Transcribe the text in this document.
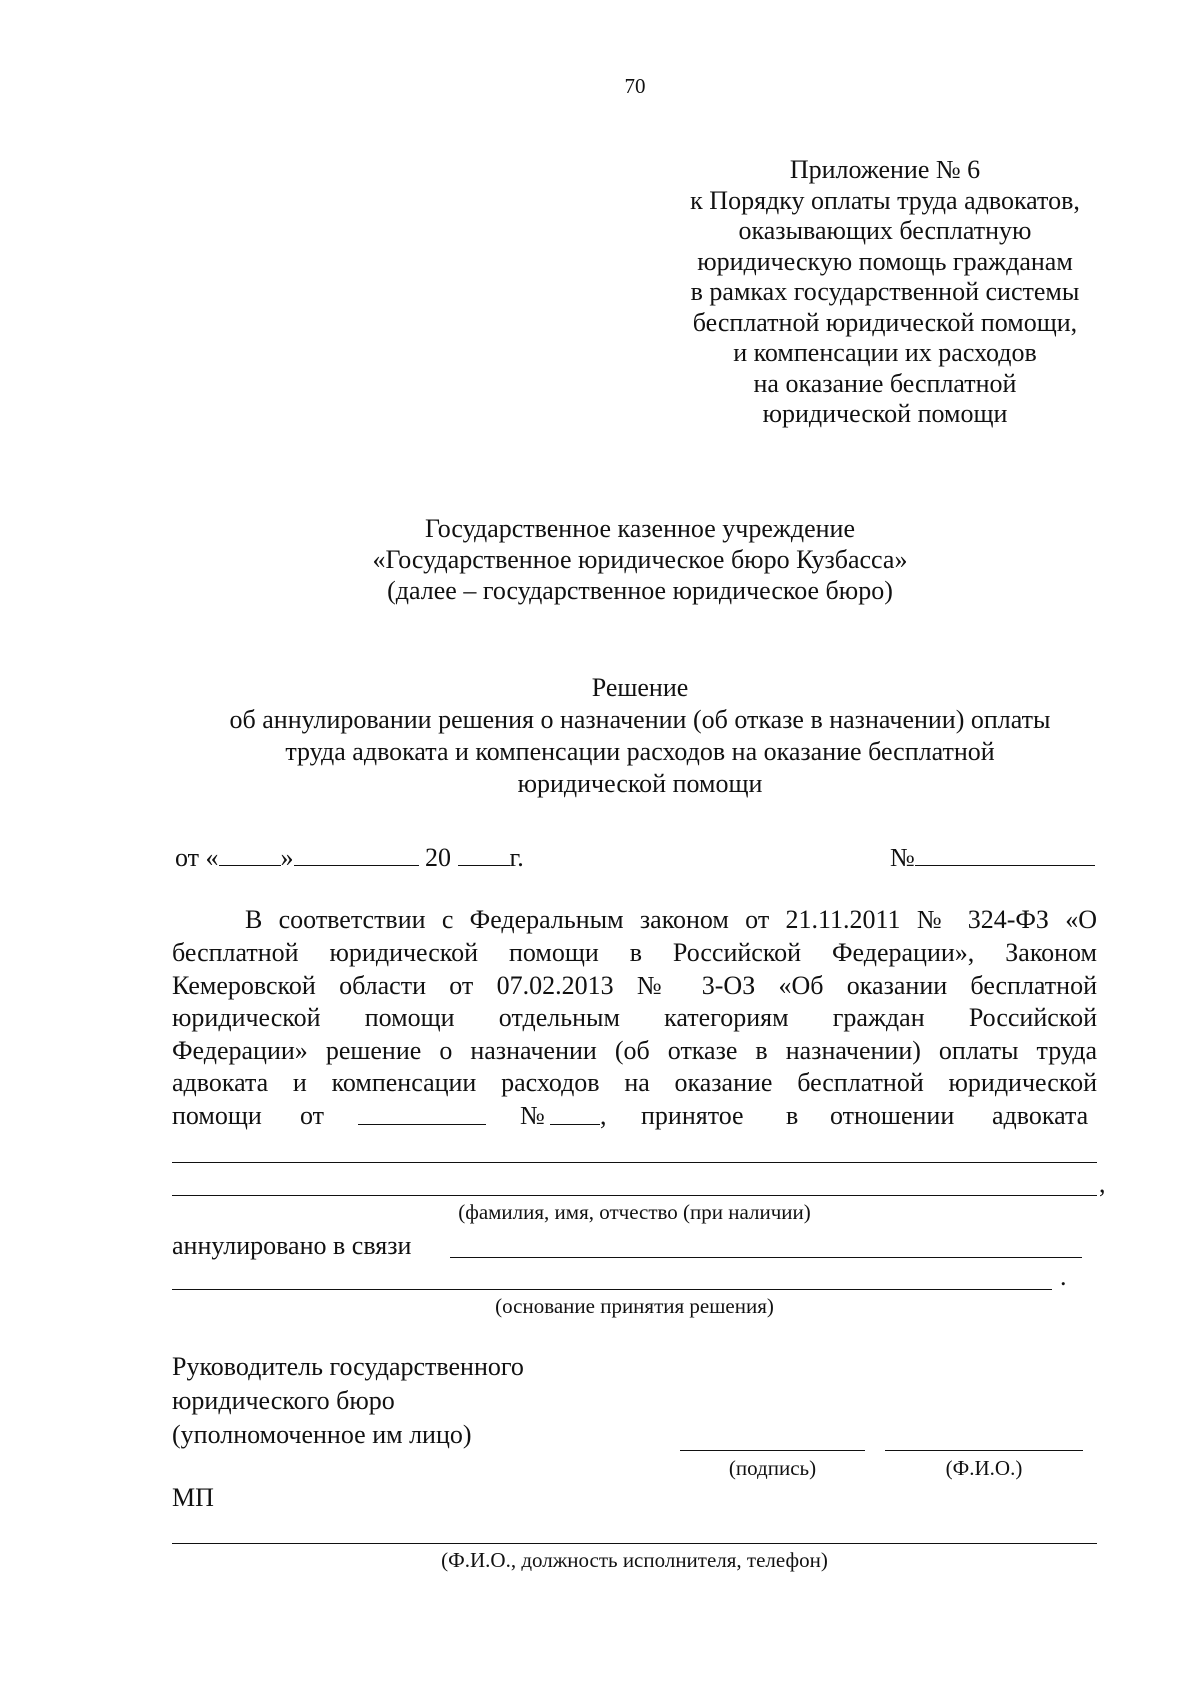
70
Приложение № 6
к Порядку оплаты труда адвокатов,
оказывающих бесплатную
юридическую помощь гражданам
в рамках государственной системы
бесплатной юридической помощи,
и компенсации их расходов
на оказание бесплатной
юридической помощи
Государственное казенное учреждение
«Государственное юридическое бюро Кузбасса»
(далее – государственное юридическое бюро)
Решение
об аннулировании решения о назначении (об отказе в назначении) оплаты
труда адвоката и компенсации расходов на оказание бесплатной
юридической помощи
от « »	20 г.	№
В соответствии с Федеральным законом от 21.11.2011 № 324-ФЗ «О
бесплатной юридической помощи в Российской Федерации», Законом
Кемеровской области от 07.02.2013 № 3-ОЗ «Об оказании бесплатной
юридической помощи отдельным категориям граждан Российской
Федерации» решение о назначении (об отказе в назначении) оплаты труда
адвоката и компенсации расходов на оказание бесплатной юридической
помощи от	№ , принятое в отношении адвоката
,
(фамилия, имя, отчество (при наличии)
аннулировано в связи
.
(основание принятия решения)
Руководитель государственного
юридического бюро
(уполномоченное им лицо)
(подпись)	(Ф.И.О.)
МП
(Ф.И.О., должность исполнителя, телефон)
